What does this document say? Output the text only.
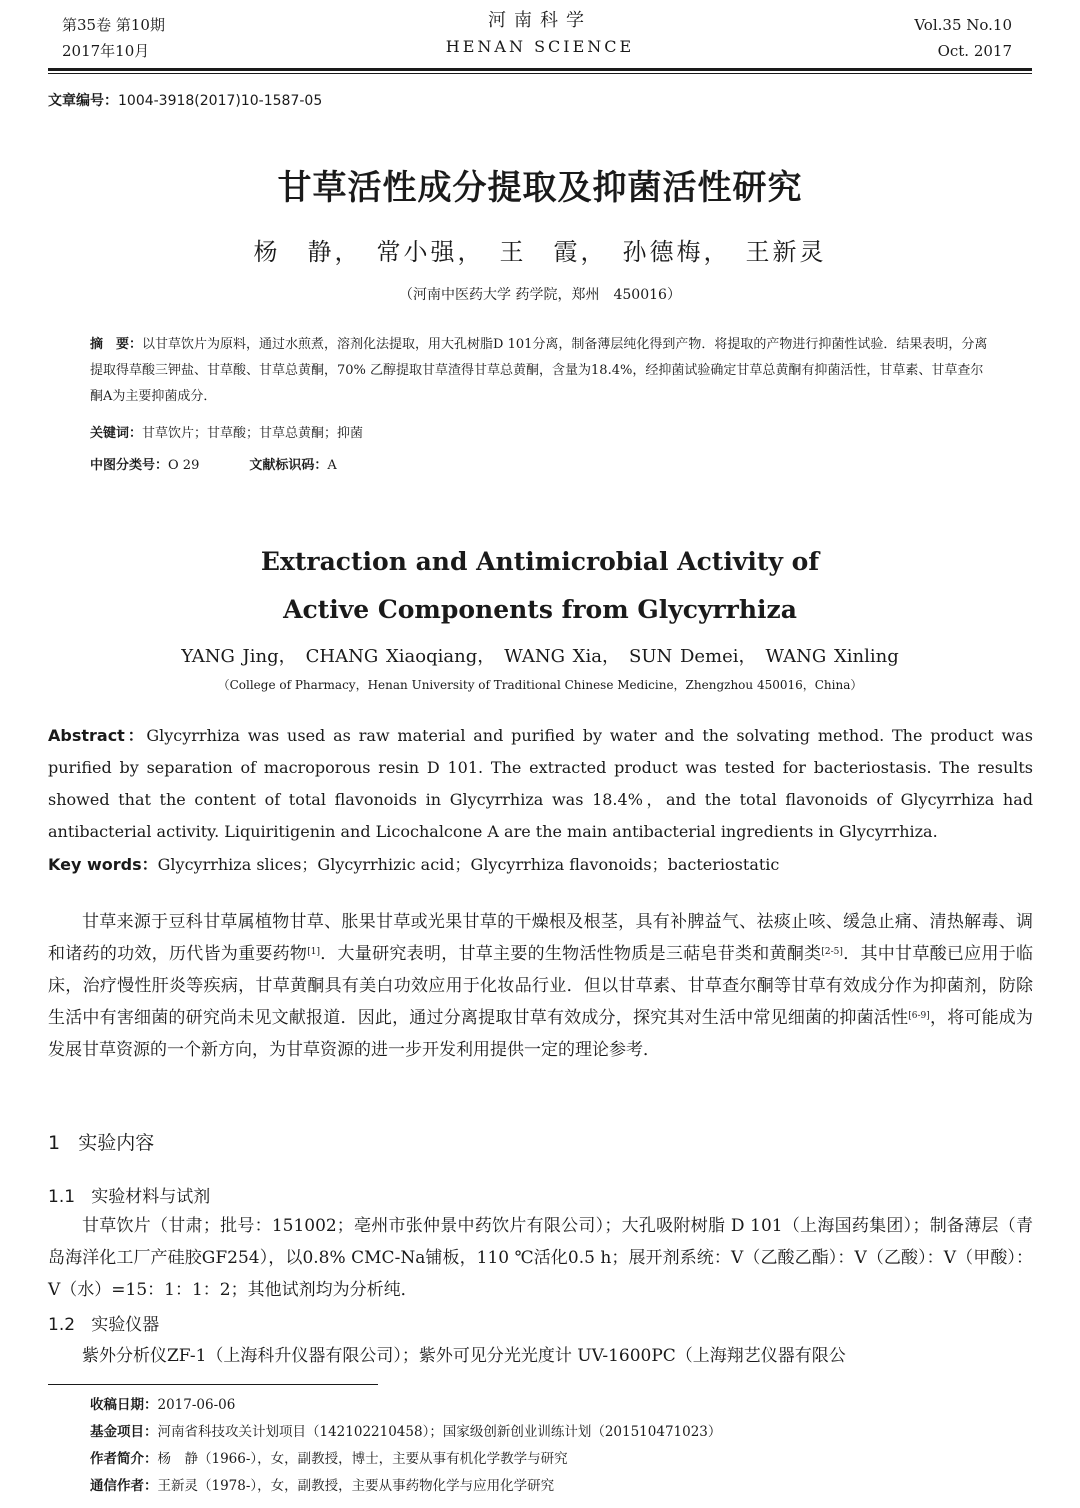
第35卷 第10期
2017年10月
河南科学
HENAN SCIENCE
Vol.35 No.10
Oct. 2017
文章编号：1004-3918(2017)10-1587-05
甘草活性成分提取及抑菌活性研究
杨　静，　常小强，　王　霞，　孙德梅，　王新灵
（河南中医药大学 药学院，郑州　450016）
摘　要：以甘草饮片为原料，通过水煎煮，溶剂化法提取，用大孔树脂D 101分离，制备薄层纯化得到产物．将提取的产物进行抑菌性试验．结果表明，分离提取得草酸三钾盐、甘草酸、甘草总黄酮，70% 乙醇提取甘草渣得甘草总黄酮，含量为18.4%，经抑菌试验确定甘草总黄酮有抑菌活性，甘草素、甘草查尔酮A为主要抑菌成分．
关键词：甘草饮片；甘草酸；甘草总黄酮；抑菌
中图分类号：O 29	文献标识码：A
Extraction and Antimicrobial Activity of
Active Components from Glycyrrhiza
YANG Jing，　CHANG Xiaoqiang，　WANG Xia，　SUN Demei，　WANG Xinling
（College of Pharmacy，Henan University of Traditional Chinese Medicine，Zhengzhou 450016，China）
Abstract：Glycyrrhiza was used as raw material and purified by water and the solvating method. The product was purified by separation of macroporous resin D 101. The extracted product was tested for bacteriostasis. The results showed that the content of total flavonoids in Glycyrrhiza was 18.4%，and the total flavonoids of Glycyrrhiza had antibacterial activity. Liquiritigenin and Licochalcone A are the main antibacterial ingredients in Glycyrrhiza.
Key words：Glycyrrhiza slices；Glycyrrhizic acid；Glycyrrhiza flavonoids；bacteriostatic
甘草来源于豆科甘草属植物甘草、胀果甘草或光果甘草的干燥根及根茎，具有补脾益气、祛痰止咳、缓急止痛、清热解毒、调和诸药的功效，历代皆为重要药物[1]．大量研究表明，甘草主要的生物活性物质是三萜皂苷类和黄酮类[2-5]．其中甘草酸已应用于临床，治疗慢性肝炎等疾病，甘草黄酮具有美白功效应用于化妆品行业．但以甘草素、甘草查尔酮等甘草有效成分作为抑菌剂，防除生活中有害细菌的研究尚未见文献报道．因此，通过分离提取甘草有效成分，探究其对生活中常见细菌的抑菌活性[6-9]，将可能成为发展甘草资源的一个新方向，为甘草资源的进一步开发利用提供一定的理论参考．
1 实验内容
1.1 实验材料与试剂
甘草饮片（甘肃；批号：151002；亳州市张仲景中药饮片有限公司）；大孔吸附树脂 D 101（上海国药集团）；制备薄层（青岛海洋化工厂产硅胶GF254），以0.8% CMC-Na铺板，110 ℃活化0.5 h；展开剂系统：V（乙酸乙酯）：V（乙酸）：V（甲酸）：V（水）=15：1：1：2；其他试剂均为分析纯．
1.2 实验仪器
紫外分析仪ZF-1（上海科升仪器有限公司）；紫外可见分光光度计 UV-1600PC（上海翔艺仪器有限公
收稿日期：2017-06-06
基金项目：河南省科技攻关计划项目（142102210458）；国家级创新创业训练计划（201510471023）
作者简介：杨　静（1966-），女，副教授，博士，主要从事有机化学教学与研究
通信作者：王新灵（1978-），女，副教授，主要从事药物化学与应用化学研究
